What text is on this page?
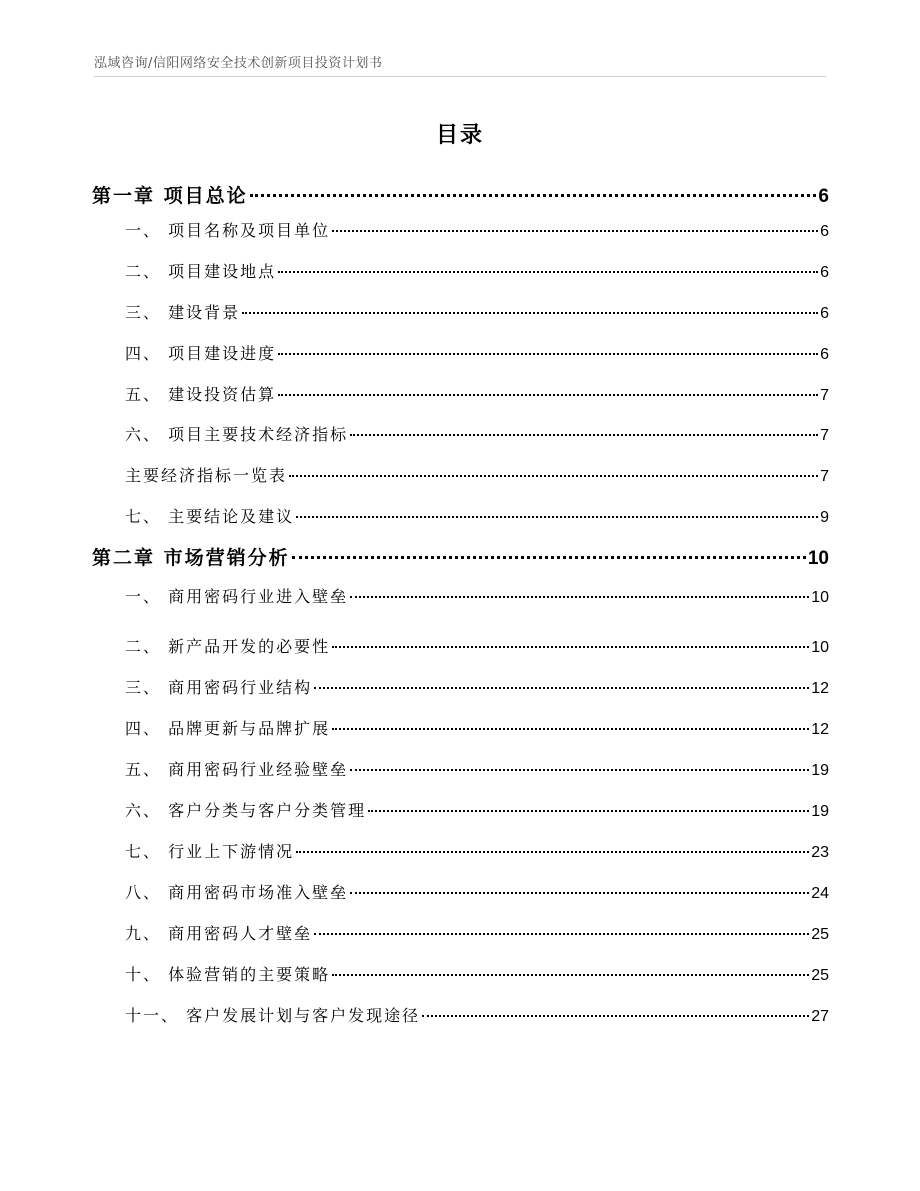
泓域咨询/信阳网络安全技术创新项目投资计划书
目录
第一章 项目总论	6
一、 项目名称及项目单位	6
二、 项目建设地点	6
三、 建设背景	6
四、 项目建设进度	6
五、 建设投资估算	7
六、 项目主要技术经济指标	7
主要经济指标一览表	7
七、 主要结论及建议	9
第二章 市场营销分析	10
一、 商用密码行业进入壁垒	10
二、 新产品开发的必要性	10
三、 商用密码行业结构	12
四、 品牌更新与品牌扩展	12
五、 商用密码行业经验壁垒	19
六、 客户分类与客户分类管理	19
七、 行业上下游情况	23
八、 商用密码市场准入壁垒	24
九、 商用密码人才壁垒	25
十、 体验营销的主要策略	25
十一、 客户发展计划与客户发现途径	27
